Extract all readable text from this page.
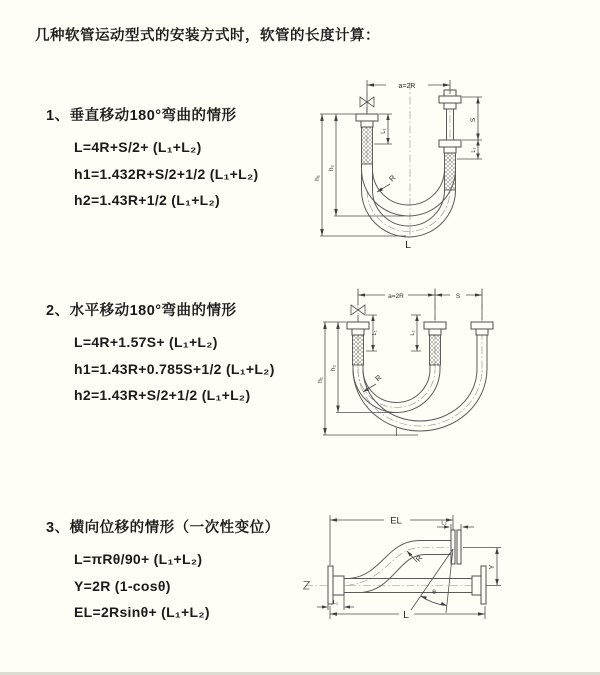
几种软管运动型式的安装方式时，软管的长度计算：
1、垂直移动180°弯曲的情形

L=4R+S/2+ (L₁+L₂)

h1=1.432R+S/2+1/2 (L₁+L₂)

h2=1.43R+1/2 (L₁+L₂)

2、水平移动180°弯曲的情形

L=4R+1.57S+ (L₁+L₂)

h1=1.43R+0.785S+1/2 (L₁+L₂)

h2=1.43R+S/2+1/2 (L₁+L₂)

3、横向位移的情形（一次性变位）

L=πRθ/90+ (L₁+L₂)

Y=2R (1-cosθ)

EL=2Rsinθ+ (L₁+L₂)

a=2R
h₁
h₂
L₁
S
L₂
R
L
a=2R	S
h₁
h₂
L₁	L₂
R
EL	L₂
Y
R
θ
L
L₁
